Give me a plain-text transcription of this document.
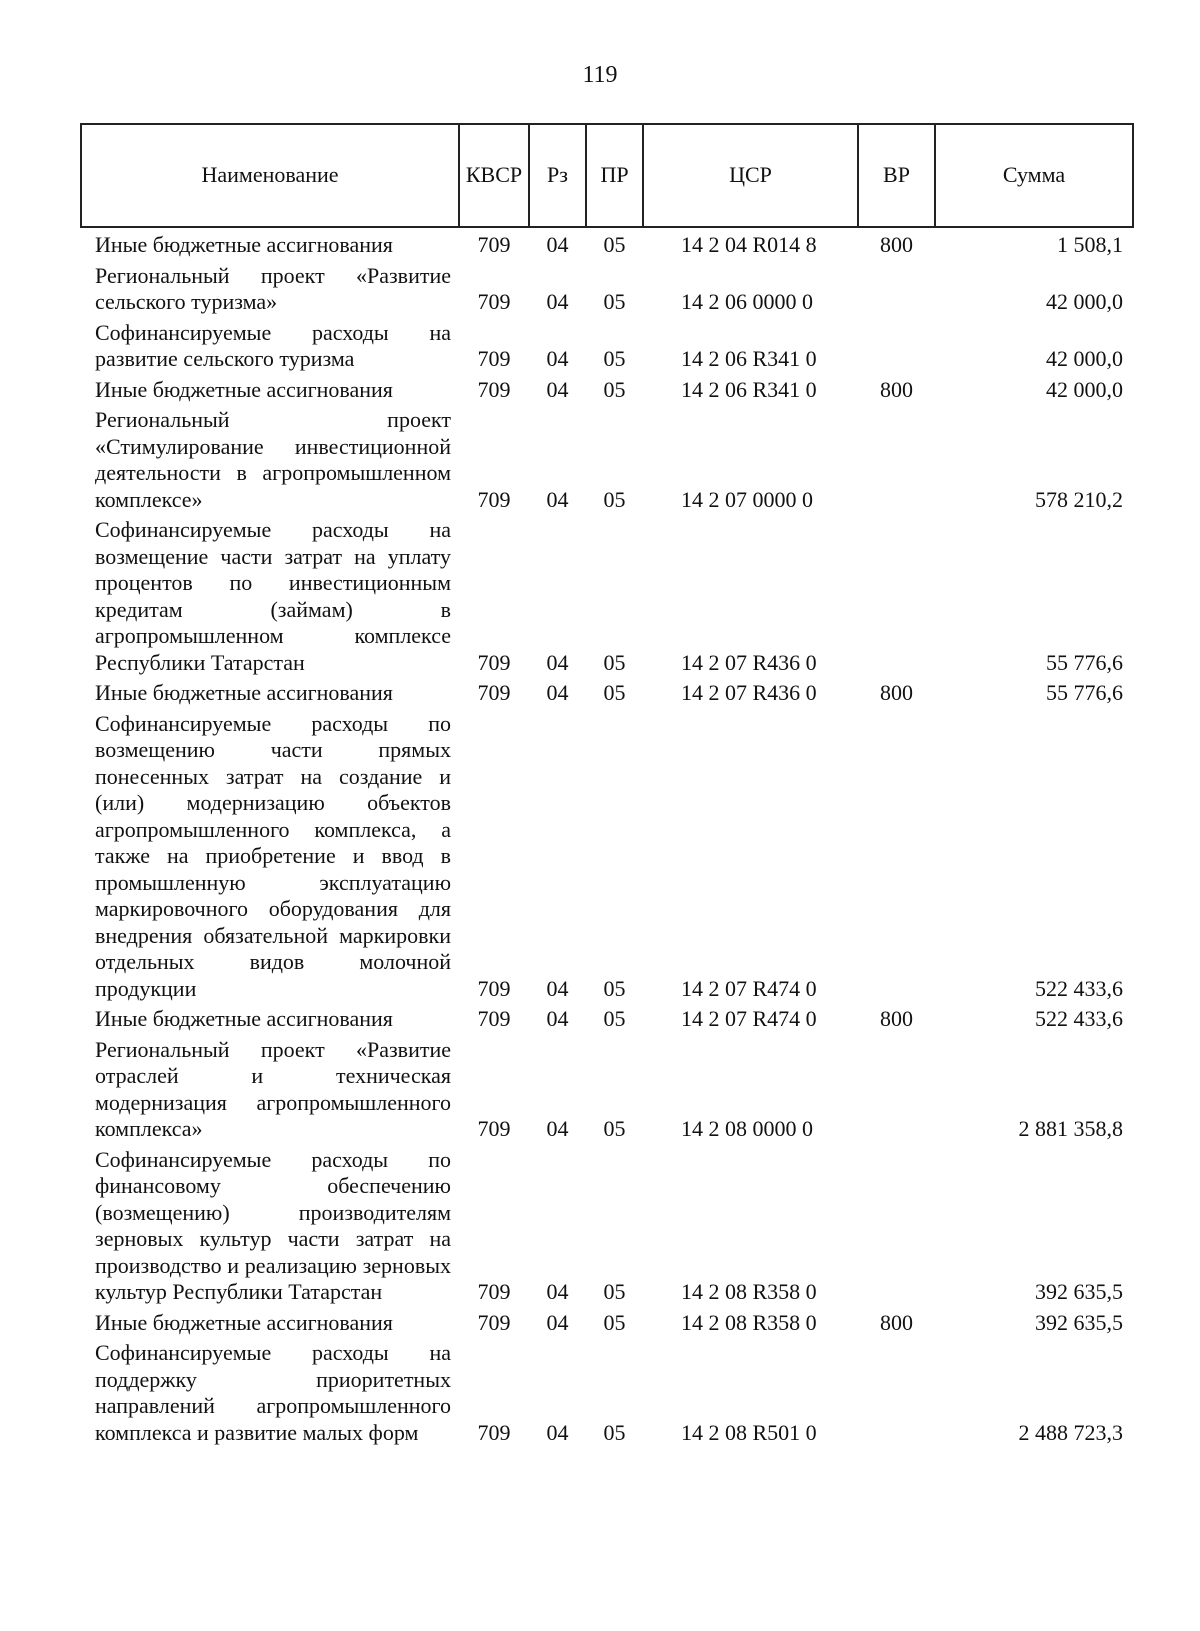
119
Наименование	КВСР	Рз	ПР	ЦСР	ВР	Сумма
Иные бюджетные ассигнования	709	04	05	14 2 04 R014 8	800	1 508,1
Региональный проект «Развитие сельского туризма»	709	04	05	14 2 06 0000 0		42 000,0
Софинансируемые расходы на развитие сельского туризма	709	04	05	14 2 06 R341 0		42 000,0
Иные бюджетные ассигнования	709	04	05	14 2 06 R341 0	800	42 000,0
Региональный проект «Стимулирование инвестиционной деятельности в агропромышленном комплексе»	709	04	05	14 2 07 0000 0		578 210,2
Софинансируемые расходы на возмещение части затрат на уплату процентов по инвестиционным кредитам (займам) в агропромышленном комплексе Республики Татарстан	709	04	05	14 2 07 R436 0		55 776,6
Иные бюджетные ассигнования	709	04	05	14 2 07 R436 0	800	55 776,6
Софинансируемые расходы по возмещению части прямых понесенных затрат на создание и (или) модернизацию объектов агропромышленного комплекса, а также на приобретение и ввод в промышленную эксплуатацию маркировочного оборудования для внедрения обязательной маркировки отдельных видов молочной продукции	709	04	05	14 2 07 R474 0		522 433,6
Иные бюджетные ассигнования	709	04	05	14 2 07 R474 0	800	522 433,6
Региональный проект «Развитие отраслей и техническая модернизация агропромышленного комплекса»	709	04	05	14 2 08 0000 0		2 881 358,8
Софинансируемые расходы по финансовому обеспечению (возмещению) производителям зерновых культур части затрат на производство и реализацию зерновых культур Республики Татарстан	709	04	05	14 2 08 R358 0		392 635,5
Иные бюджетные ассигнования	709	04	05	14 2 08 R358 0	800	392 635,5
Софинансируемые расходы на поддержку приоритетных направлений агропромышленного комплекса и развитие малых форм	709	04	05	14 2 08 R501 0		2 488 723,3
